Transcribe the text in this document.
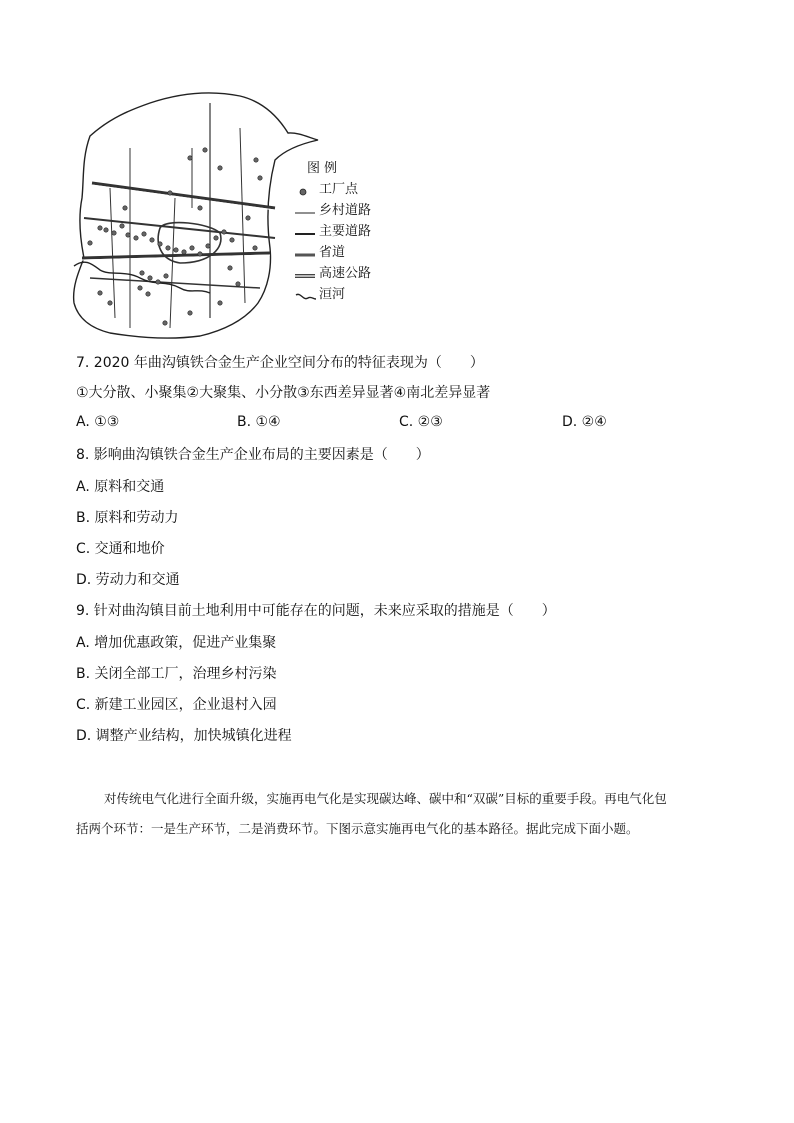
图例
工厂点
乡村道路
主要道路
省道
高速公路
洹河
7. 2020 年曲沟镇铁合金生产企业空间分布的特征表现为（　　）
①大分散、小聚集②大聚集、小分散③东西差异显著④南北差异显著
A. ①③	B. ①④	C. ②③	D. ②④
8. 影响曲沟镇铁合金生产企业布局的主要因素是（　　）
A. 原料和交通
B. 原料和劳动力
C. 交通和地价
D. 劳动力和交通
9. 针对曲沟镇目前土地利用中可能存在的问题，未来应采取的措施是（　　）
A. 增加优惠政策，促进产业集聚
B. 关闭全部工厂，治理乡村污染
C. 新建工业园区，企业退村入园
D. 调整产业结构，加快城镇化进程
对传统电气化进行全面升级，实施再电气化是实现碳达峰、碳中和“双碳”目标的重要手段。再电气化包
括两个环节：一是生产环节，二是消费环节。下图示意实施再电气化的基本路径。据此完成下面小题。
